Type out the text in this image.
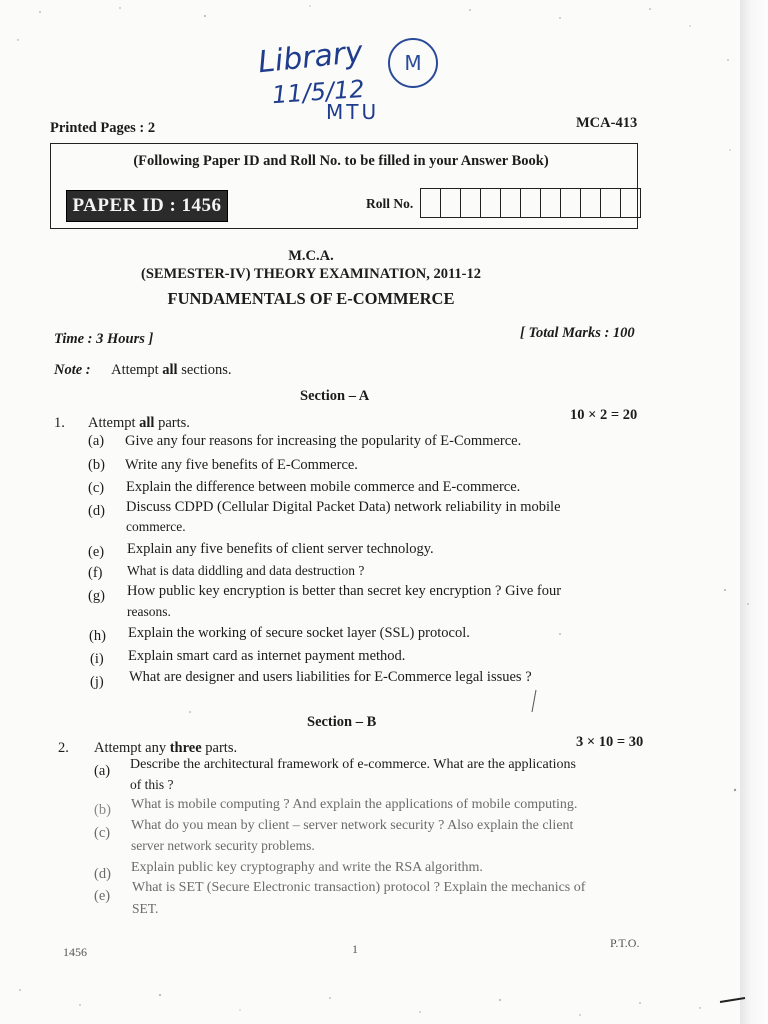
Library M
11/5/12
MTU
Printed Pages : 2	MCA-413
(Following Paper ID and Roll No. to be filled in your Answer Book)
PAPER ID : 1456	Roll No.
M.C.A.
(SEMESTER-IV) THEORY EXAMINATION, 2011-12
FUNDAMENTALS OF E-COMMERCE
Time : 3 Hours ]	[ Total Marks : 100
Note : Attempt all sections.
Section – A
1. Attempt all parts.	10 × 2 = 20
(a) Give any four reasons for increasing the popularity of E-Commerce.
(b) Write any five benefits of E-Commerce.
(c) Explain the difference between mobile commerce and E-commerce.
(d) Discuss CDPD (Cellular Digital Packet Data) network reliability in mobile
commerce.
(e) Explain any five benefits of client server technology.
(f) What is data diddling and data destruction ?
(g) How public key encryption is better than secret key encryption ? Give four
reasons.
(h) Explain the working of secure socket layer (SSL) protocol.
(i) Explain smart card as internet payment method.
(j) What are designer and users liabilities for E-Commerce legal issues ?
Section – B
2. Attempt any three parts.	3 × 10 = 30
(a) Describe the architectural framework of e-commerce. What are the applications
of this ?
(b) What is mobile computing ? And explain the applications of mobile computing.
(c) What do you mean by client – server network security ? Also explain the client
server network security problems.
(d) Explain public key cryptography and write the RSA algorithm.
(e)
What is SET (Secure Electronic transaction) protocol ? Explain the mechanics of
SET.
1456	1	P.T.O.
